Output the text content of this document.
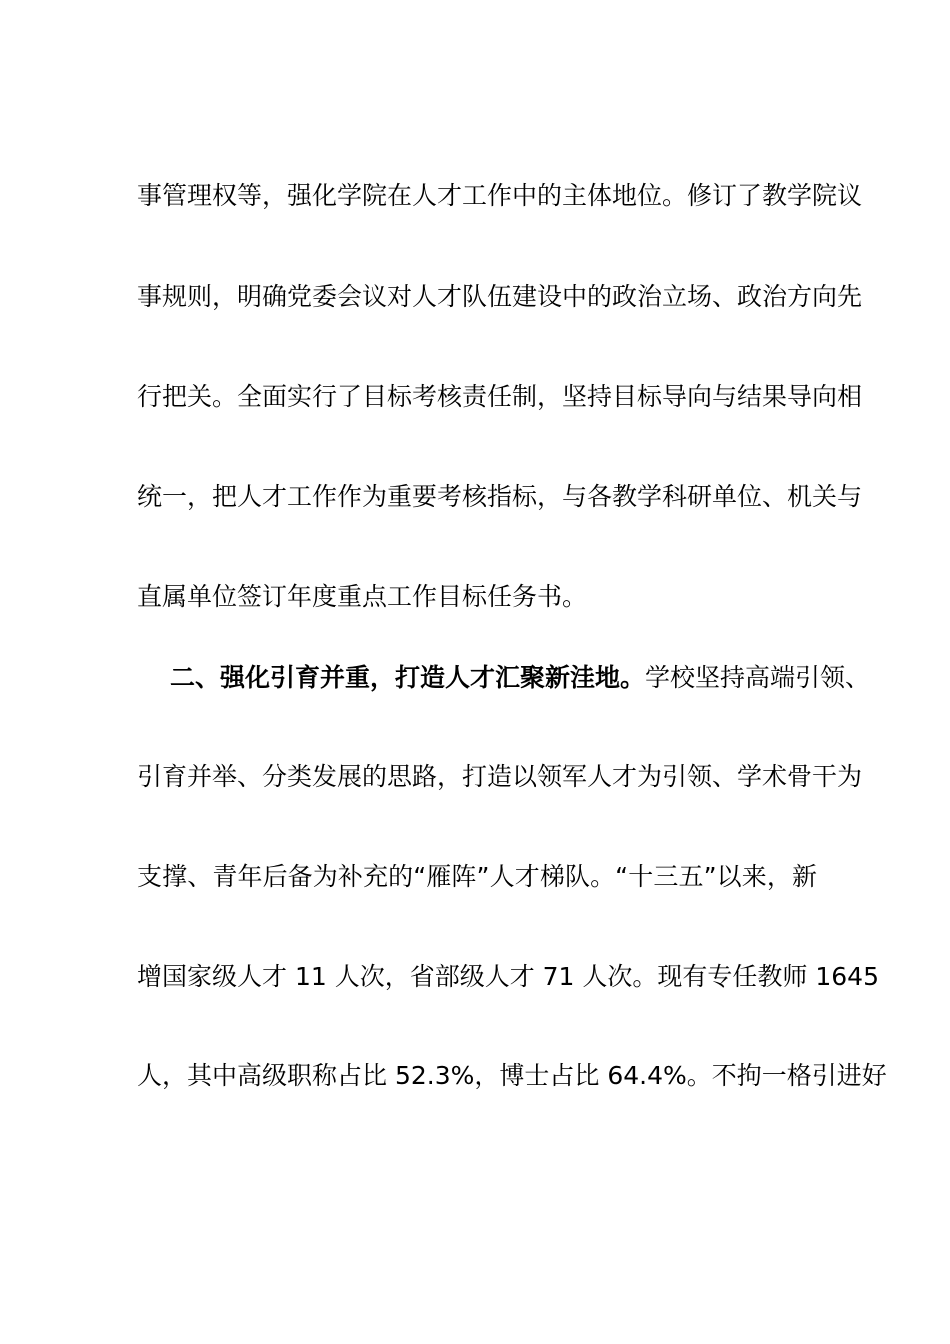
事管理权等，强化学院在人才工作中的主体地位。修订了教学院议
事规则，明确党委会议对人才队伍建设中的政治立场、政治方向先
行把关。全面实行了目标考核责任制，坚持目标导向与结果导向相
统一，把人才工作作为重要考核指标，与各教学科研单位、机关与
直属单位签订年度重点工作目标任务书。
二、强化引育并重，打造人才汇聚新洼地。学校坚持高端引领、
引育并举、分类发展的思路，打造以领军人才为引领、学术骨干为
支撑、青年后备为补充的“雁阵”人才梯队。“十三五”以来，新
增国家级人才 11 人次，省部级人才 71 人次。现有专任教师 1645
人，其中高级职称占比 52.3%，博士占比 64.4%。不拘一格引进好
